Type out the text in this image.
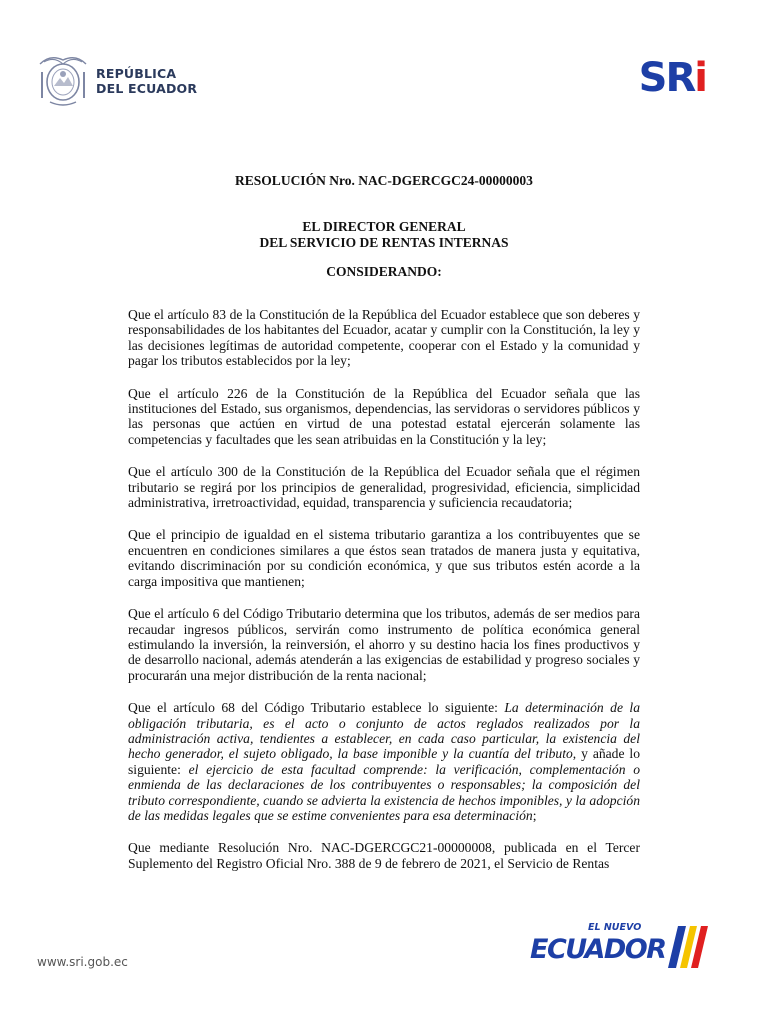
REPÚBLICA
DEL ECUADOR	SRi
RESOLUCIÓN Nro. NAC-DGERCGC24-00000003
EL DIRECTOR GENERAL
DEL SERVICIO DE RENTAS INTERNAS
CONSIDERANDO:

Que el artículo 83 de la Constitución de la República del Ecuador establece que son deberes y responsabilidades de los habitantes del Ecuador, acatar y cumplir con la Constitución, la ley y las decisiones legítimas de autoridad competente, cooperar con el Estado y la comunidad y pagar los tributos establecidos por la ley;

Que el artículo 226 de la Constitución de la República del Ecuador señala que las instituciones del Estado, sus organismos, dependencias, las servidoras o servidores públicos y las personas que actúen en virtud de una potestad estatal ejercerán solamente las competencias y facultades que les sean atribuidas en la Constitución y la ley;

Que el artículo 300 de la Constitución de la República del Ecuador señala que el régimen tributario se regirá por los principios de generalidad, progresividad, eficiencia, simplicidad administrativa, irretroactividad, equidad, transparencia y suficiencia recaudatoria;

Que el principio de igualdad en el sistema tributario garantiza a los contribuyentes que se encuentren en condiciones similares a que éstos sean tratados de manera justa y equitativa, evitando discriminación por su condición económica, y que sus tributos estén acorde a la carga impositiva que mantienen;

Que el artículo 6 del Código Tributario determina que los tributos, además de ser medios para recaudar ingresos públicos, servirán como instrumento de política económica general estimulando la inversión, la reinversión, el ahorro y su destino hacia los fines productivos y de desarrollo nacional, además atenderán a las exigencias de estabilidad y progreso sociales y procurarán una mejor distribución de la renta nacional;

Que el artículo 68 del Código Tributario establece lo siguiente: La determinación de la obligación tributaria, es el acto o conjunto de actos reglados realizados por la administración activa, tendientes a establecer, en cada caso particular, la existencia del hecho generador, el sujeto obligado, la base imponible y la cuantía del tributo, y añade lo siguiente: el ejercicio de esta facultad comprende: la verificación, complementación o enmienda de las declaraciones de los contribuyentes o responsables; la composición del tributo correspondiente, cuando se advierta la existencia de hechos imponibles, y la adopción de las medidas legales que se estime convenientes para esa determinación;

Que mediante Resolución Nro. NAC-DGERCGC21-00000008, publicada en el Tercer Suplemento del Registro Oficial Nro. 388 de 9 de febrero de 2021, el Servicio de Rentas

www.sri.gob.ec
EL NUEVO
ECUADOR
